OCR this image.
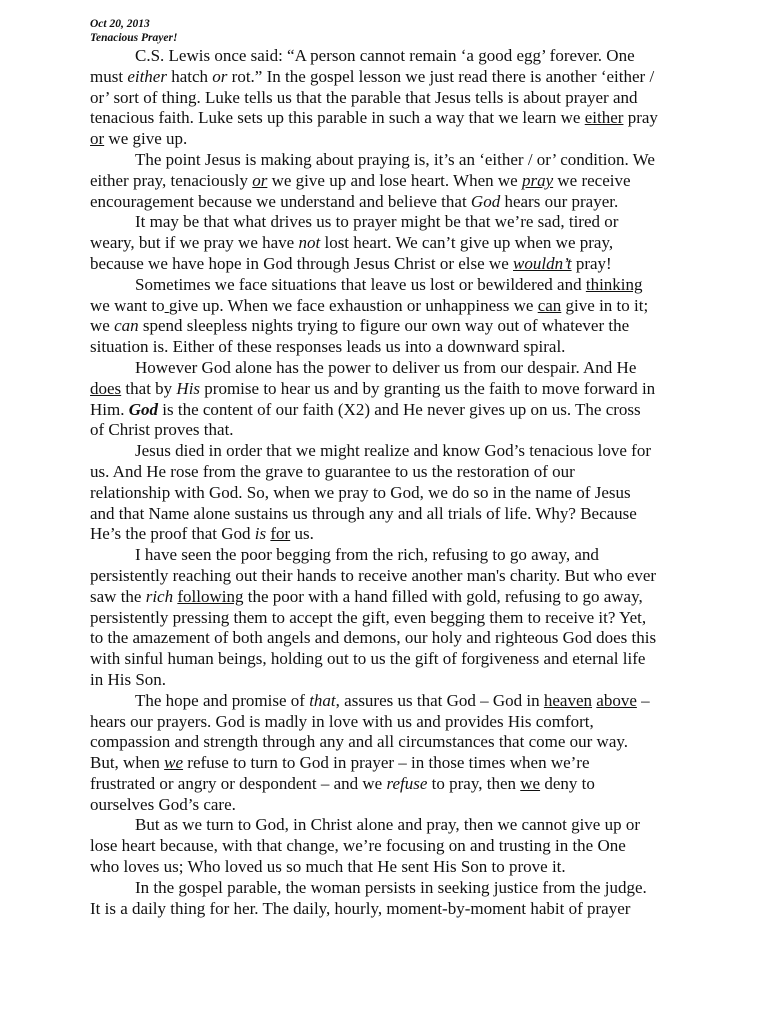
Oct 20, 2013
Tenacious Prayer!
C.S. Lewis once said: “A person cannot remain ‘a good egg’ forever. One
must either hatch or rot.” In the gospel lesson we just read there is another ‘either /
or’ sort of thing. Luke tells us that the parable that Jesus tells is about prayer and
tenacious faith. Luke sets up this parable in such a way that we learn we either pray
or we give up.
The point Jesus is making about praying is, it’s an ‘either / or’ condition. We
either pray, tenaciously or we give up and lose heart. When we pray we receive
encouragement because we understand and believe that God hears our prayer.
It may be that what drives us to prayer might be that we’re sad, tired or
weary, but if we pray we have not lost heart. We can’t give up when we pray,
because we have hope in God through Jesus Christ or else we wouldn’t pray!
Sometimes we face situations that leave us lost or bewildered and thinking
we want to give up. When we face exhaustion or unhappiness we can give in to it;
we can spend sleepless nights trying to figure our own way out of whatever the
situation is. Either of these responses leads us into a downward spiral.
However God alone has the power to deliver us from our despair. And He
does that by His promise to hear us and by granting us the faith to move forward in
Him. God is the content of our faith (X2) and He never gives up on us. The cross
of Christ proves that.
Jesus died in order that we might realize and know God’s tenacious love for
us. And He rose from the grave to guarantee to us the restoration of our
relationship with God. So, when we pray to God, we do so in the name of Jesus
and that Name alone sustains us through any and all trials of life. Why? Because
He’s the proof that God is for us.
I have seen the poor begging from the rich, refusing to go away, and
persistently reaching out their hands to receive another man's charity. But who ever
saw the rich following the poor with a hand filled with gold, refusing to go away,
persistently pressing them to accept the gift, even begging them to receive it? Yet,
to the amazement of both angels and demons, our holy and righteous God does this
with sinful human beings, holding out to us the gift of forgiveness and eternal life
in His Son.
The hope and promise of that, assures us that God – God in heaven above –
hears our prayers. God is madly in love with us and provides His comfort,
compassion and strength through any and all circumstances that come our way.
But, when we refuse to turn to God in prayer – in those times when we’re
frustrated or angry or despondent – and we refuse to pray, then we deny to
ourselves God’s care.
But as we turn to God, in Christ alone and pray, then we cannot give up or
lose heart because, with that change, we’re focusing on and trusting in the One
who loves us; Who loved us so much that He sent His Son to prove it.
In the gospel parable, the woman persists in seeking justice from the judge.
It is a daily thing for her. The daily, hourly, moment-by-moment habit of prayer
